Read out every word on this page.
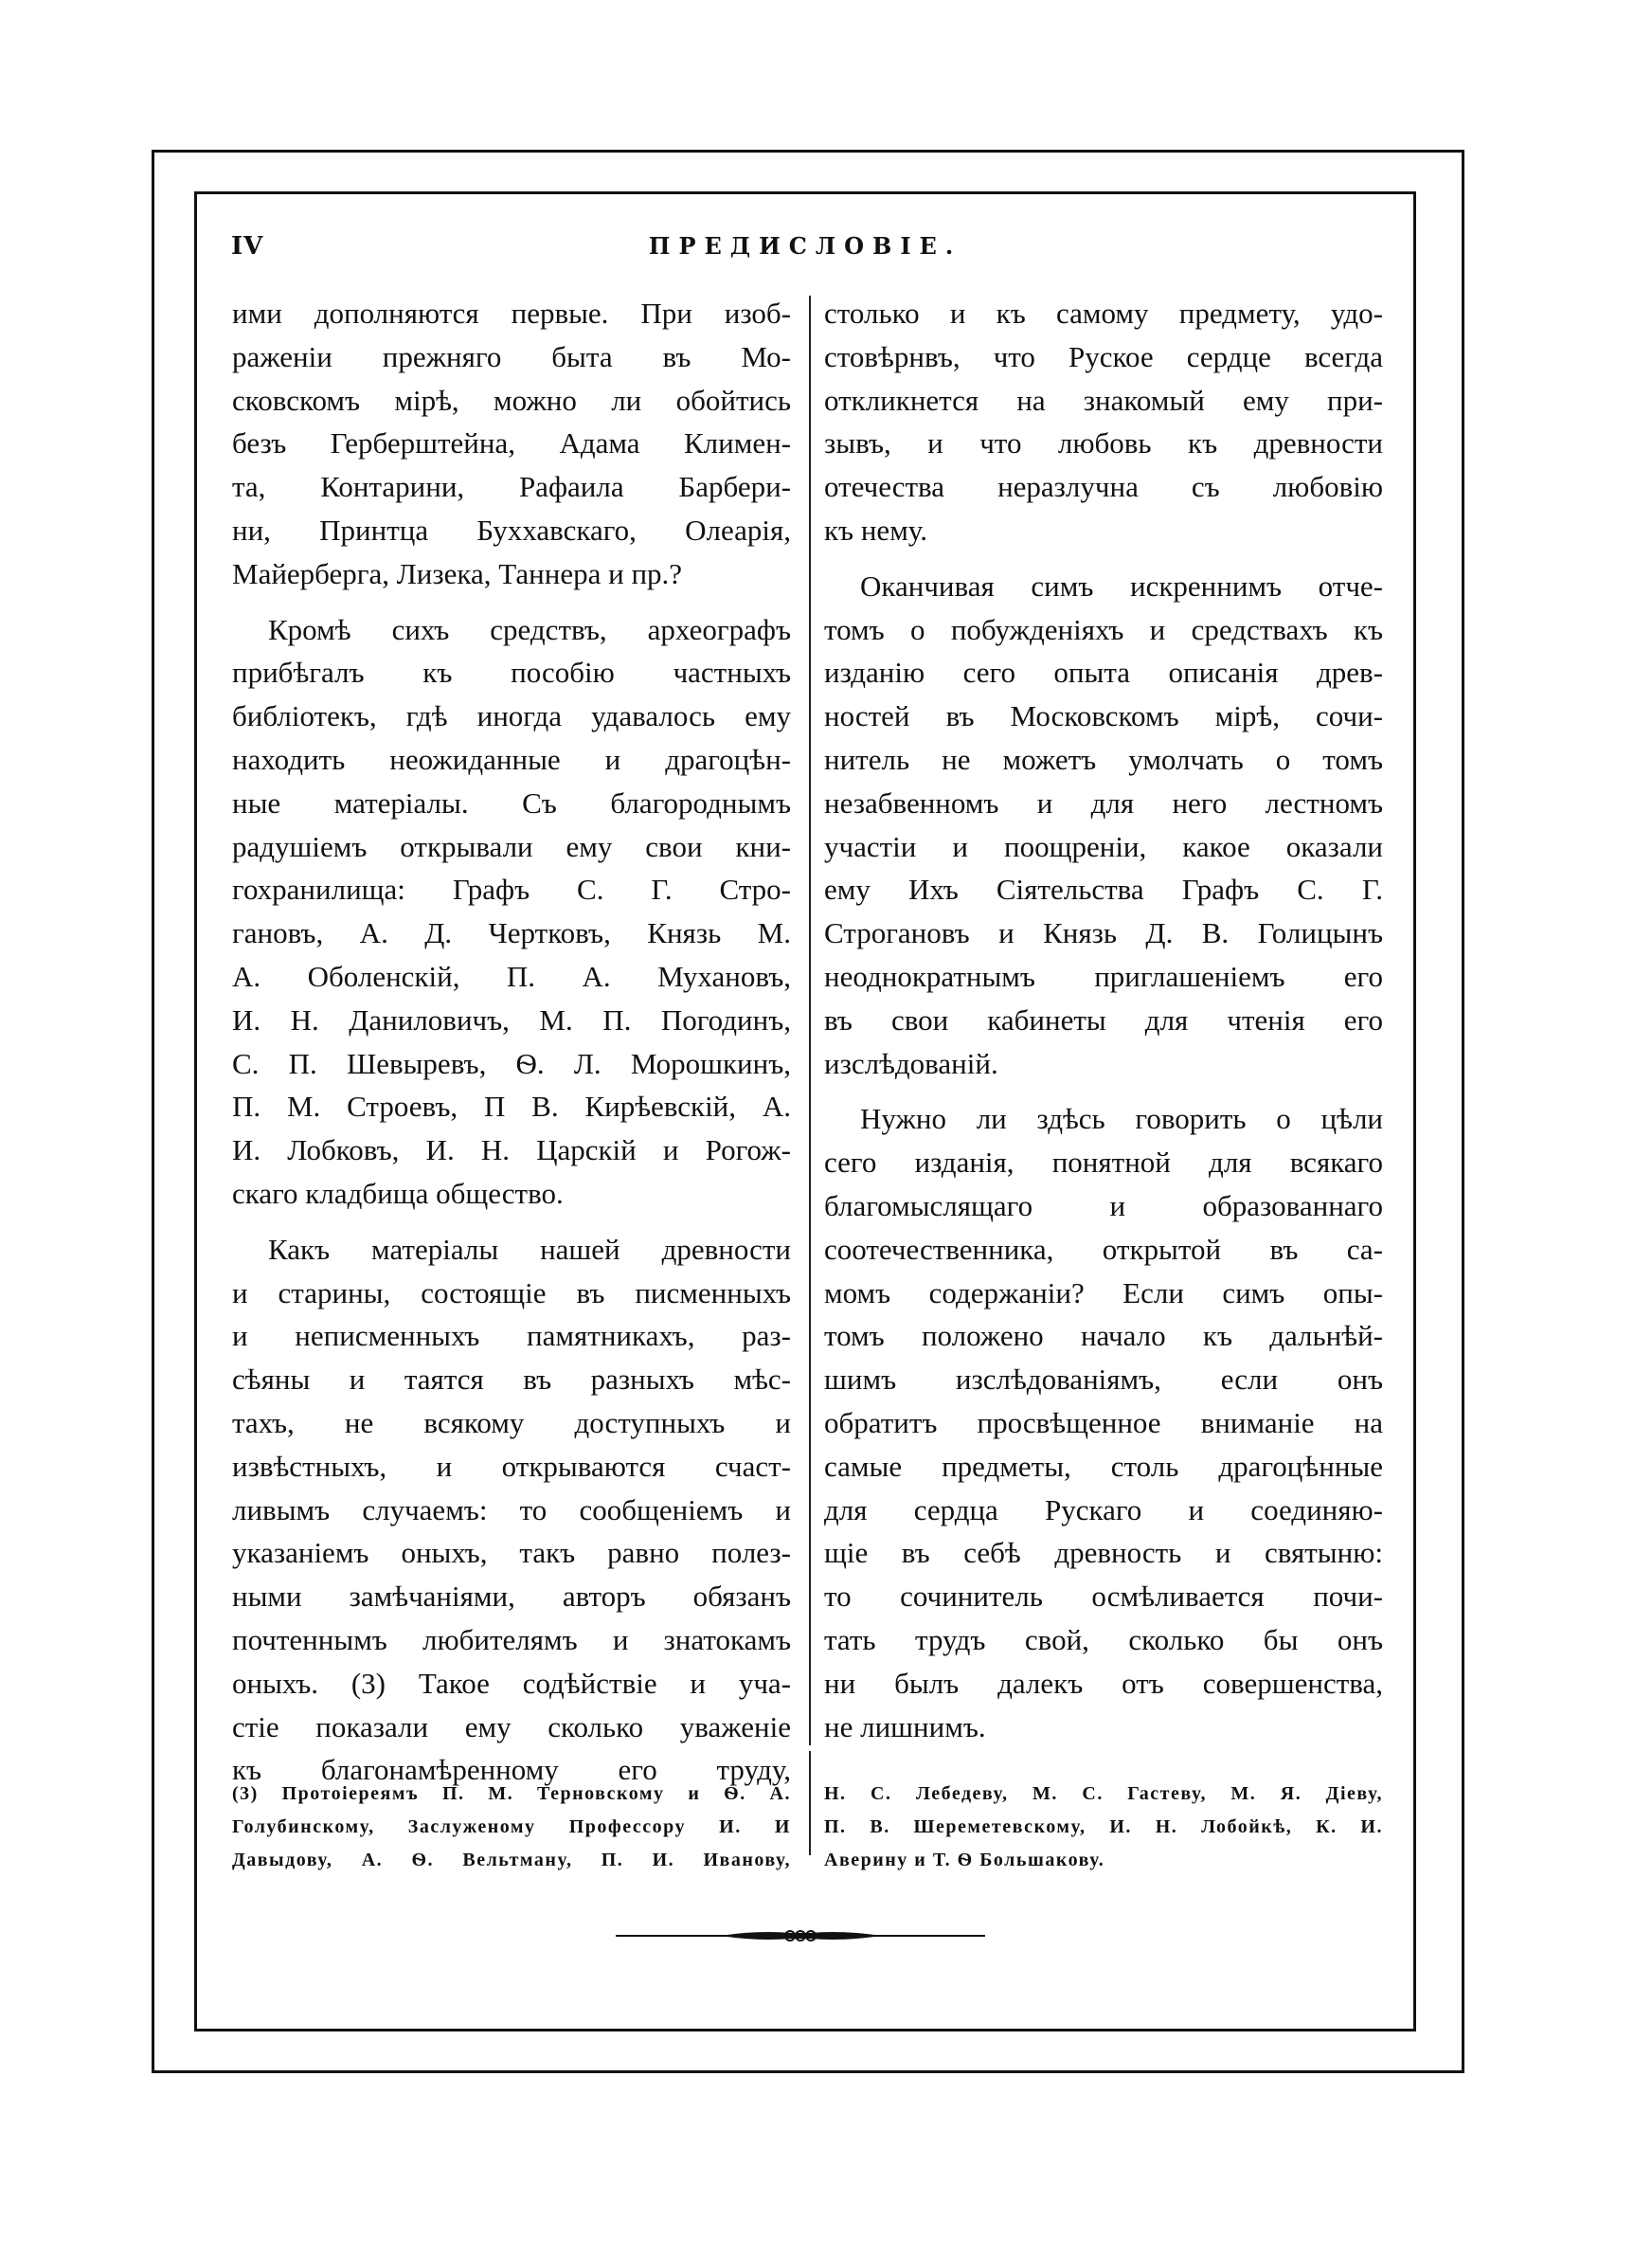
IV	ПРЕДИСЛОВІЕ.
ими дополняются первые. При изоб-
раженіи прежняго быта въ Мо-
сковскомъ мірѣ, можно ли обойтись
безъ Герберштейна, Адама Климен-
та, Контарини, Рафаила Барбери-
ни, Принтца Буххавскаго, Олеарія,
Майерберга, Лизека, Таннера и пр.?
Кромѣ сихъ средствъ, археографъ
прибѣгалъ къ пособію частныхъ
библіотекъ, гдѣ иногда удавалось ему
находить неожиданные и драгоцѣн-
ные матеріалы. Съ благороднымъ
радушіемъ открывали ему свои кни-
гохранилища: Графъ С. Г. Стро-
гановъ, А. Д. Чертковъ, Князь М.
А. Оболенскій, П. А. Мухановъ,
И. Н. Даниловичъ, М. П. Погодинъ,
С. П. Шевыревъ, Ѳ. Л. Морошкинъ,
П. М. Строевъ, П В. Кирѣевскій, А.
И. Лобковъ, И. Н. Царскій и Рогож-
скаго кладбища общество.
Какъ матеріалы нашей древности
и старины, состоящіе въ писменныхъ
и неписменныхъ памятникахъ, раз-
сѣяны и таятся въ разныхъ мѣс-
тахъ, не всякому доступныхъ и
извѣстныхъ, и открываются счаст-
ливымъ случаемъ: то сообщеніемъ и
указаніемъ оныхъ, такъ равно полез-
ными замѣчаніями, авторъ обязанъ
почтеннымъ любителямъ и знатокамъ
оныхъ. (3) Такое содѣйствіе и уча-
стіе показали ему сколько уваженіе
къ благонамѣренному его труду,
столько и къ самому предмету, удо-
стовѣрнвъ, что Руское сердце всегда
откликнется на знакомый ему при-
зывъ, и что любовь къ древности
отечества неразлучна съ любовію
къ нему.
Оканчивая симъ искреннимъ отче-
томъ о побужденіяхъ и средствахъ къ
изданію сего опыта описанія древ-
ностей въ Московскомъ мірѣ, сочи-
нитель не можетъ умолчать о томъ
незабвенномъ и для него лестномъ
участіи и поощреніи, какое оказали
ему Ихъ Сіятельства Графъ С. Г.
Строгановъ и Князь Д. В. Голицынъ
неоднократнымъ приглашеніемъ его
въ свои кабинеты для чтенія его
изслѣдованій.
Нужно ли здѣсь говорить о цѣли
сего изданія, понятной для всякаго
благомыслящаго и образованнаго
соотечественника, открытой въ са-
момъ содержаніи? Если симъ опы-
томъ положено начало къ дальнѣй-
шимъ изслѣдованіямъ, если онъ
обратитъ просвѣщенное вниманіе на
самые предметы, столь драгоцѣнные
для сердца Рускаго и соединяю-
щіе въ себѣ древность и святыню:
то сочинитель осмѣливается почи-
тать трудъ свой, сколько бы онъ
ни былъ далекъ отъ совершенства,
не лишнимъ.
(3) Протоіереямъ П. М. Терновскому и Ѳ. А.
Голубинскому, Заслуженому Профессору И. И
Давыдову, А. Ѳ. Вельтману, П. И. Иванову,
Н. С. Лебедеву, М. С. Гастеву, М. Я. Діеву,
П. В. Шереметевскому, И. Н. Лобойкѣ, К. И.
Аверину и Т. Ѳ Большакову.
